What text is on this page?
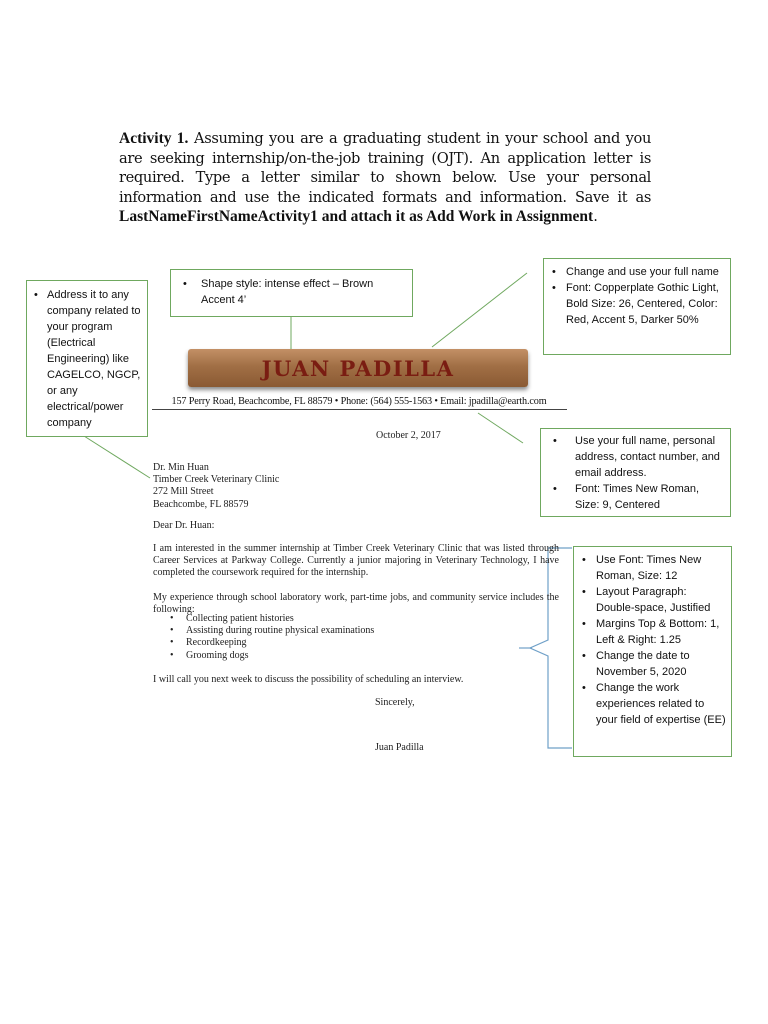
Activity 1. Assuming you are a graduating student in your school and you are seeking internship/on-the-job training (OJT). An application letter is required. Type a letter similar to shown below. Use your personal information and use the indicated formats and information. Save it as LastNameFirstNameActivity1 and attach it as Add Work in Assignment.
• Address it to any company related to your program (Electrical Engineering) like CAGELCO, NGCP, or any electrical/power company
• Shape style: intense effect – Brown Accent 4’
• Change and use your full name
• Font: Copperplate Gothic Light, Bold Size: 26, Centered, Color: Red, Accent 5, Darker 50%
• Use your full name, personal address, contact number, and email address.
• Font: Times New Roman, Size: 9, Centered
• Use Font: Times New Roman, Size: 12
• Layout Paragraph: Double-space, Justified
• Margins Top & Bottom: 1, Left & Right: 1.25
• Change the date to November 5, 2020
• Change the work experiences related to your field of expertise (EE)
JUAN PADILLA
157 Perry Road, Beachcombe, FL 88579 • Phone: (564) 555-1563 • Email: jpadilla@earth.com
October 2, 2017
Dr. Min Huan
Timber Creek Veterinary Clinic
272 Mill Street
Beachcombe, FL 88579
Dear Dr. Huan:
I am interested in the summer internship at Timber Creek Veterinary Clinic that was listed through Career Services at Parkway College. Currently a junior majoring in Veterinary Technology, I have completed the coursework required for the internship.
My experience through school laboratory work, part-time jobs, and community service includes the following:
• Collecting patient histories
• Assisting during routine physical examinations
• Recordkeeping
• Grooming dogs
I will call you next week to discuss the possibility of scheduling an interview.
Sincerely,
Juan Padilla
